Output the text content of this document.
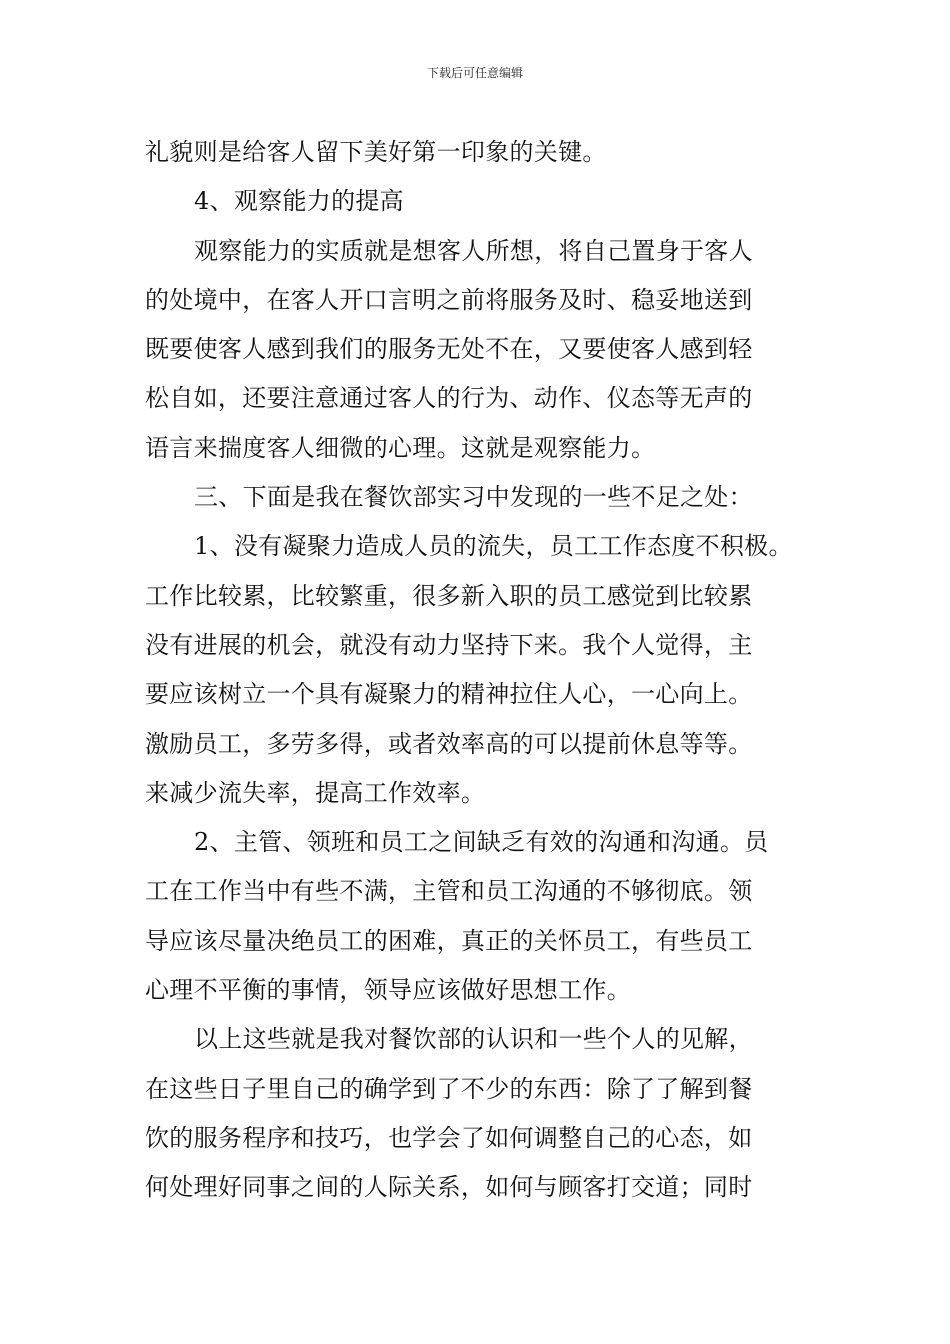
下载后可任意编辑
礼貌则是给客人留下美好第一印象的关键。
4、观察能力的提高
观察能力的实质就是想客人所想，将自己置身于客人
的处境中，在客人开口言明之前将服务及时、稳妥地送到
既要使客人感到我们的服务无处不在，又要使客人感到轻
松自如，还要注意通过客人的行为、动作、仪态等无声的
语言来揣度客人细微的心理。这就是观察能力。
三、下面是我在餐饮部实习中发现的一些不足之处：
1、没有凝聚力造成人员的流失，员工工作态度不积极。
工作比较累，比较繁重，很多新入职的员工感觉到比较累
没有进展的机会，就没有动力坚持下来。我个人觉得，主
要应该树立一个具有凝聚力的精神拉住人心，一心向上。
激励员工，多劳多得，或者效率高的可以提前休息等等。
来减少流失率，提高工作效率。
2、主管、领班和员工之间缺乏有效的沟通和沟通。员
工在工作当中有些不满，主管和员工沟通的不够彻底。领
导应该尽量决绝员工的困难，真正的关怀员工，有些员工
心理不平衡的事情，领导应该做好思想工作。
以上这些就是我对餐饮部的认识和一些个人的见解，
在这些日子里自己的确学到了不少的东西：除了了解到餐
饮的服务程序和技巧，也学会了如何调整自己的心态，如
何处理好同事之间的人际关系，如何与顾客打交道；同时
